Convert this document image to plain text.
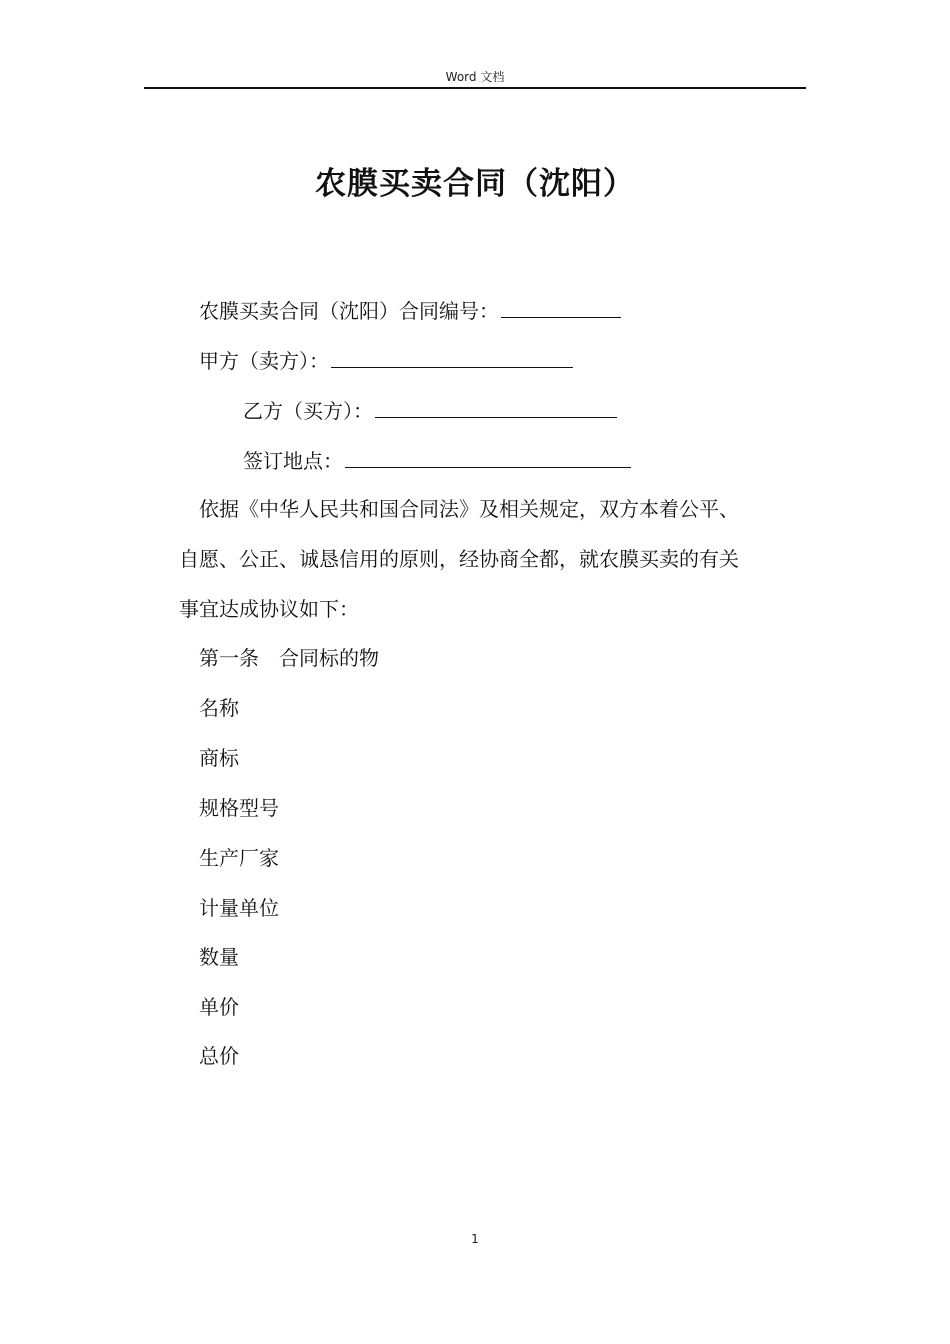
Word 文档
农膜买卖合同（沈阳）
农膜买卖合同（沈阳）合同编号：
甲方（卖方）：
乙方（买方）：
签订地点：
依据《中华人民共和国合同法》及相关规定，双方本着公平、
自愿、公正、诚恳信用的原则，经协商全都，就农膜买卖的有关
事宜达成协议如下：
第一条　合同标的物
名称
商标
规格型号
生产厂家
计量单位
数量
单价
总价
1
